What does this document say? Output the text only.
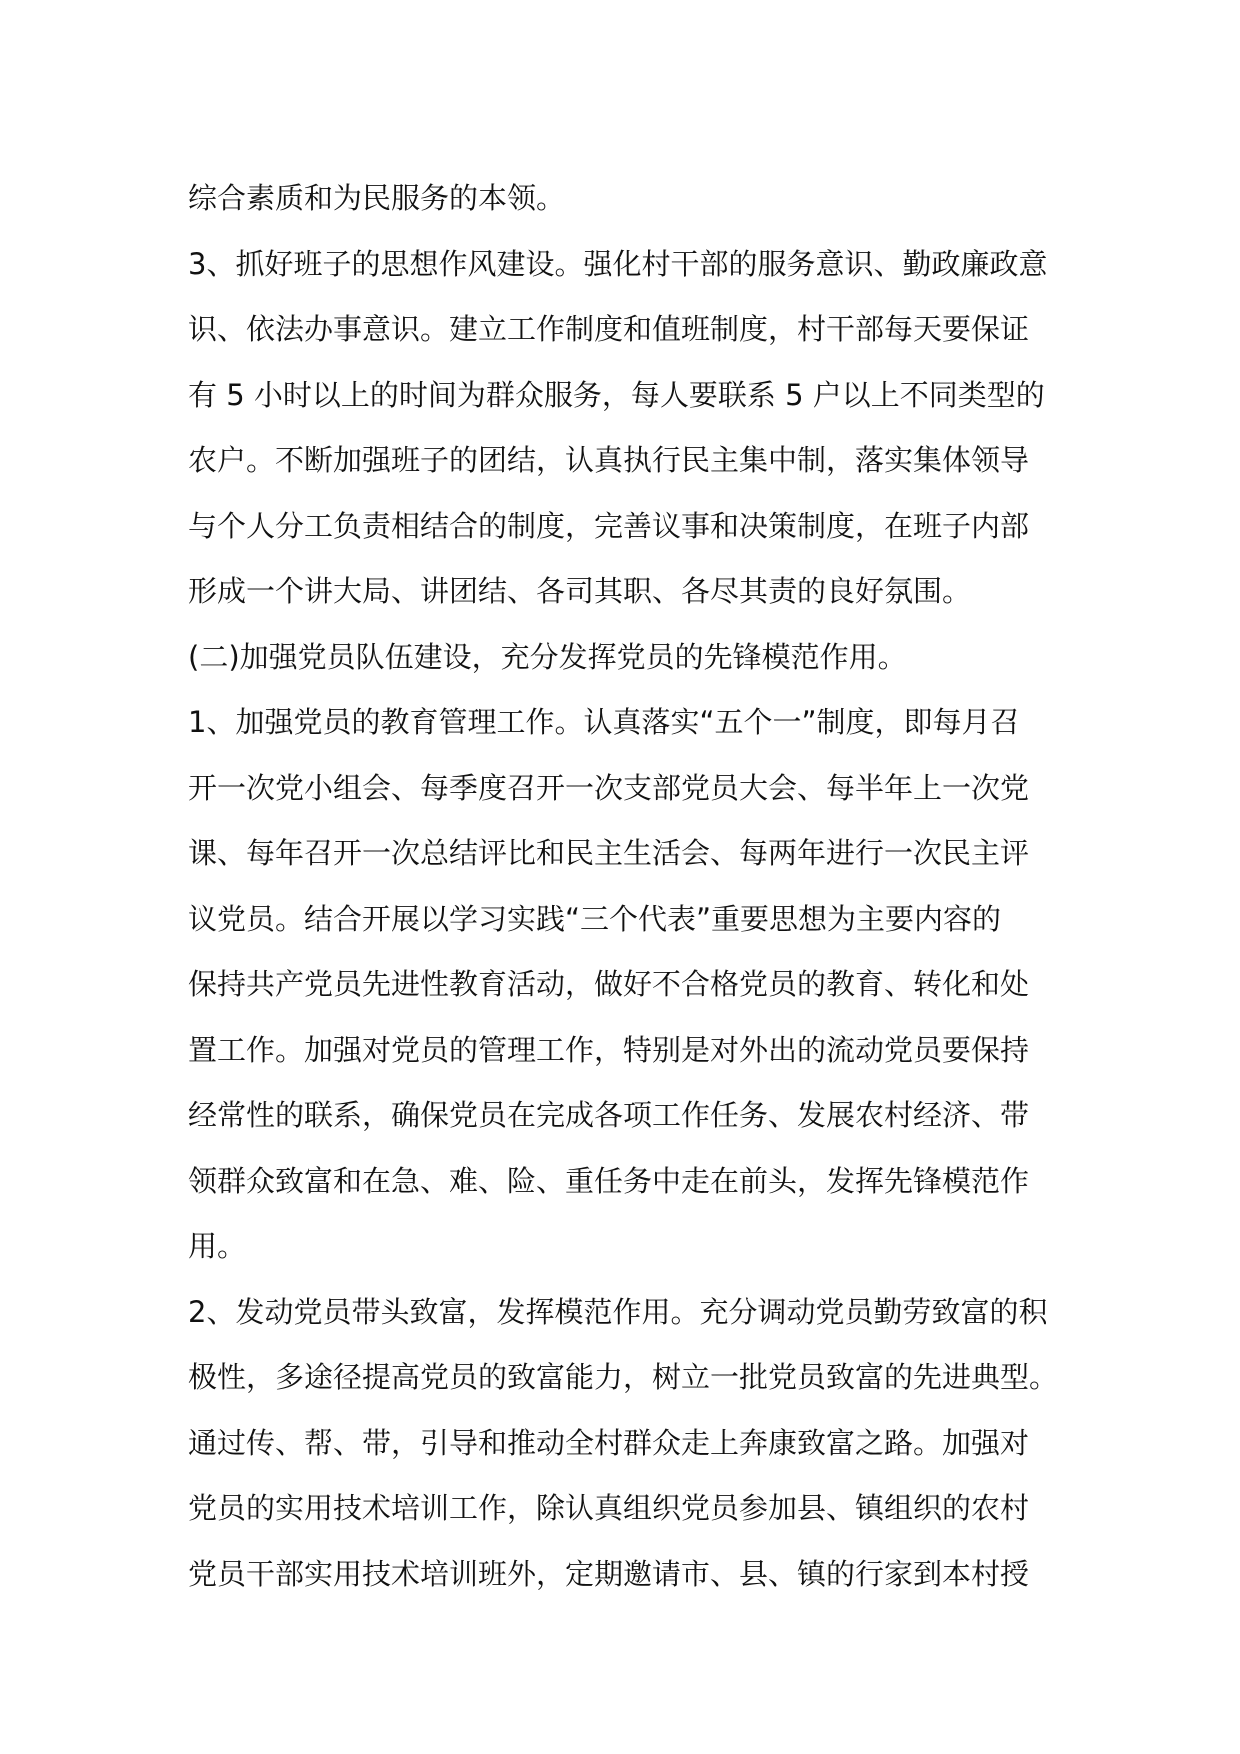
综合素质和为民服务的本领。
3、抓好班子的思想作风建设。强化村干部的服务意识、勤政廉政意
识、依法办事意识。建立工作制度和值班制度，村干部每天要保证
有 5 小时以上的时间为群众服务，每人要联系 5 户以上不同类型的
农户。不断加强班子的团结，认真执行民主集中制，落实集体领导
与个人分工负责相结合的制度，完善议事和决策制度，在班子内部
形成一个讲大局、讲团结、各司其职、各尽其责的良好氛围。
(二)加强党员队伍建设，充分发挥党员的先锋模范作用。
1、加强党员的教育管理工作。认真落实“五个一”制度，即每月召
开一次党小组会、每季度召开一次支部党员大会、每半年上一次党
课、每年召开一次总结评比和民主生活会、每两年进行一次民主评
议党员。结合开展以学习实践“三个代表”重要思想为主要内容的
保持共产党员先进性教育活动，做好不合格党员的教育、转化和处
置工作。加强对党员的管理工作，特别是对外出的流动党员要保持
经常性的联系，确保党员在完成各项工作任务、发展农村经济、带
领群众致富和在急、难、险、重任务中走在前头，发挥先锋模范作
用。
2、发动党员带头致富，发挥模范作用。充分调动党员勤劳致富的积
极性，多途径提高党员的致富能力，树立一批党员致富的先进典型。
通过传、帮、带，引导和推动全村群众走上奔康致富之路。加强对
党员的实用技术培训工作，除认真组织党员参加县、镇组织的农村
党员干部实用技术培训班外，定期邀请市、县、镇的行家到本村授
